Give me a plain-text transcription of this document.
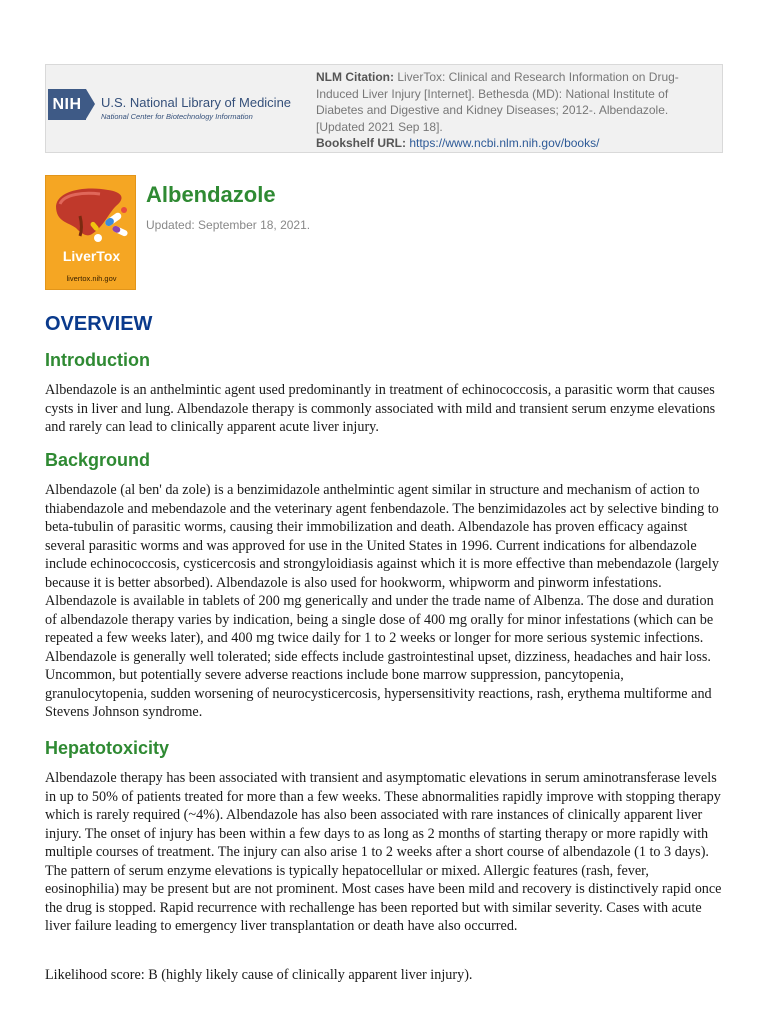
NIH	U.S. National Library of Medicine
National Center for Biotechnology Information
NLM Citation: LiverTox: Clinical and Research Information on Drug-Induced Liver Injury [Internet]. Bethesda (MD): National Institute of Diabetes and Digestive and Kidney Diseases; 2012-. Albendazole. [Updated 2021 Sep 18].
Bookshelf URL: https://www.ncbi.nlm.nih.gov/books/
LiverTox
livertox.nih.gov
Albendazole
Updated: September 18, 2021.
OVERVIEW
Introduction

Albendazole is an anthelmintic agent used predominantly in treatment of echinococcosis, a parasitic worm that causes cysts in liver and lung. Albendazole therapy is commonly associated with mild and transient serum enzyme elevations and rarely can lead to clinically apparent acute liver injury.

Background

Albendazole (al ben' da zole) is a benzimidazole anthelmintic agent similar in structure and mechanism of action to thiabendazole and mebendazole and the veterinary agent fenbendazole. The benzimidazoles act by selective binding to beta-tubulin of parasitic worms, causing their immobilization and death. Albendazole has proven efficacy against several parasitic worms and was approved for use in the United States in 1996. Current indications for albendazole include echinococcosis, cysticercosis and strongyloidiasis against which it is more effective than mebendazole (largely because it is better absorbed). Albendazole is also used for hookworm, whipworm and pinworm infestations. Albendazole is available in tablets of 200 mg generically and under the trade name of Albenza. The dose and duration of albendazole therapy varies by indication, being a single dose of 400 mg orally for minor infestations (which can be repeated a few weeks later), and 400 mg twice daily for 1 to 2 weeks or longer for more serious systemic infections. Albendazole is generally well tolerated; side effects include gastrointestinal upset, dizziness, headaches and hair loss. Uncommon, but potentially severe adverse reactions include bone marrow suppression, pancytopenia, granulocytopenia, sudden worsening of neurocysticercosis, hypersensitivity reactions, rash, erythema multiforme and Stevens Johnson syndrome.

Hepatotoxicity

Albendazole therapy has been associated with transient and asymptomatic elevations in serum aminotransferase levels in up to 50% of patients treated for more than a few weeks. These abnormalities rapidly improve with stopping therapy which is rarely required (~4%). Albendazole has also been associated with rare instances of clinically apparent liver injury. The onset of injury has been within a few days to as long as 2 months of starting therapy or more rapidly with multiple courses of treatment. The injury can also arise 1 to 2 weeks after a short course of albendazole (1 to 3 days). The pattern of serum enzyme elevations is typically hepatocellular or mixed. Allergic features (rash, fever, eosinophilia) may be present but are not prominent. Most cases have been mild and recovery is distinctively rapid once the drug is stopped. Rapid recurrence with rechallenge has been reported but with similar severity. Cases with acute liver failure leading to emergency liver transplantation or death have also occurred.

Likelihood score: B (highly likely cause of clinically apparent liver injury).
